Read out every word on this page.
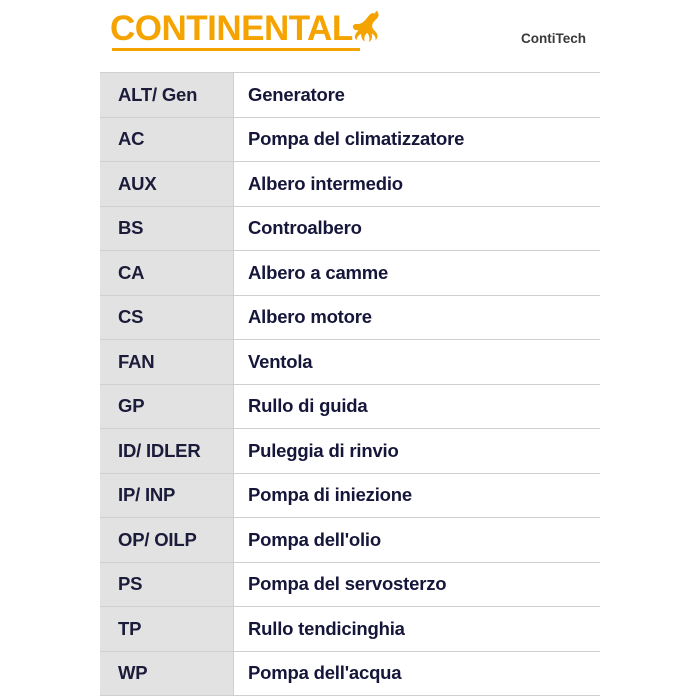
CONTINENTAL	ContiTech
ALT/ Gen	Generatore
AC	Pompa del climatizzatore
AUX	Albero intermedio
BS	Controalbero
CA	Albero a camme
CS	Albero motore
FAN	Ventola
GP	Rullo di guida
ID/ IDLER	Puleggia di rinvio
IP/ INP	Pompa di iniezione
OP/ OILP	Pompa dell'olio
PS	Pompa del servosterzo
TP	Rullo tendicinghia
WP	Pompa dell'acqua
